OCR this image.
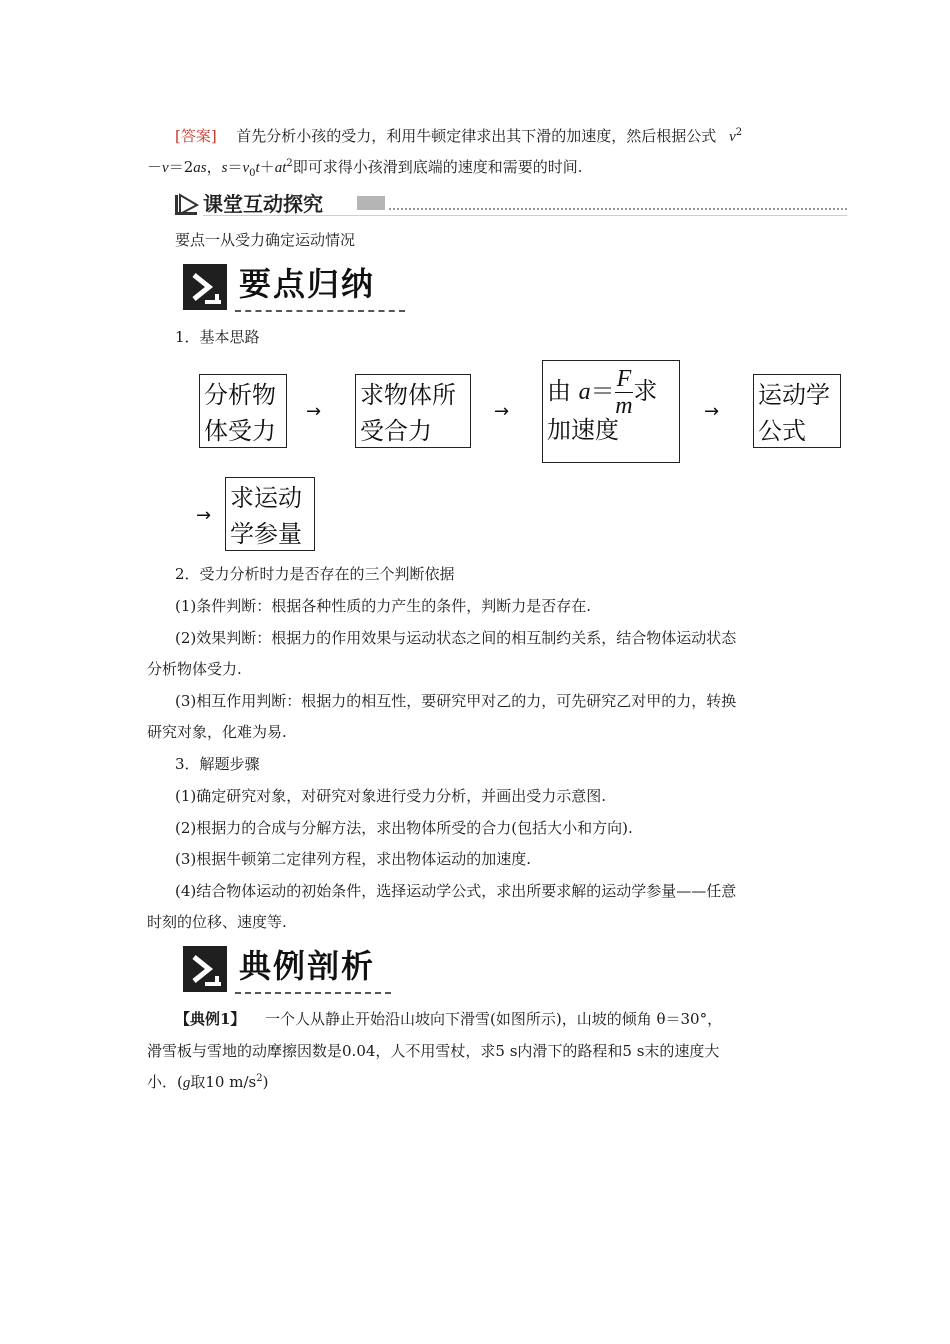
[答案] 首先分析小孩的受力，利用牛顿定律求出其下滑的加速度，然后根据公式 $v^2$
－v＝2as，$s=v_0t+at^2$即可求得小孩滑到底端的速度和需要的时间.
课堂互动探究
要点一从受力确定运动情况
要点归纳
1．基本思路
分析物
体受力
→
求物体所
受合力
→
由 $a= \frac{F}{m}$ 求
加速度
→
运动学
公式
→
求运动
学参量
2．受力分析时力是否存在的三个判断依据
(1)条件判断：根据各种性质的力产生的条件，判断力是否存在.
(2)效果判断：根据力的作用效果与运动状态之间的相互制约关系，结合物体运动状态
分析物体受力.
(3)相互作用判断：根据力的相互性，要研究甲对乙的力，可先研究乙对甲的力，转换
研究对象，化难为易.
3．解题步骤
(1)确定研究对象，对研究对象进行受力分析，并画出受力示意图.
(2)根据力的合成与分解方法，求出物体所受的合力(包括大小和方向).
(3)根据牛顿第二定律列方程，求出物体运动的加速度.
(4)结合物体运动的初始条件，选择运动学公式，求出所要求解的运动学参量——任意
时刻的位移、速度等.
典例剖析
【典例1】 一个人从静止开始沿山坡向下滑雪(如图所示)，山坡的倾角 θ＝30°，
滑雪板与雪地的动摩擦因数是0.04，人不用雪杖，求5 s内滑下的路程和5 s末的速度大
小．(g取10 $m/s^2$)
